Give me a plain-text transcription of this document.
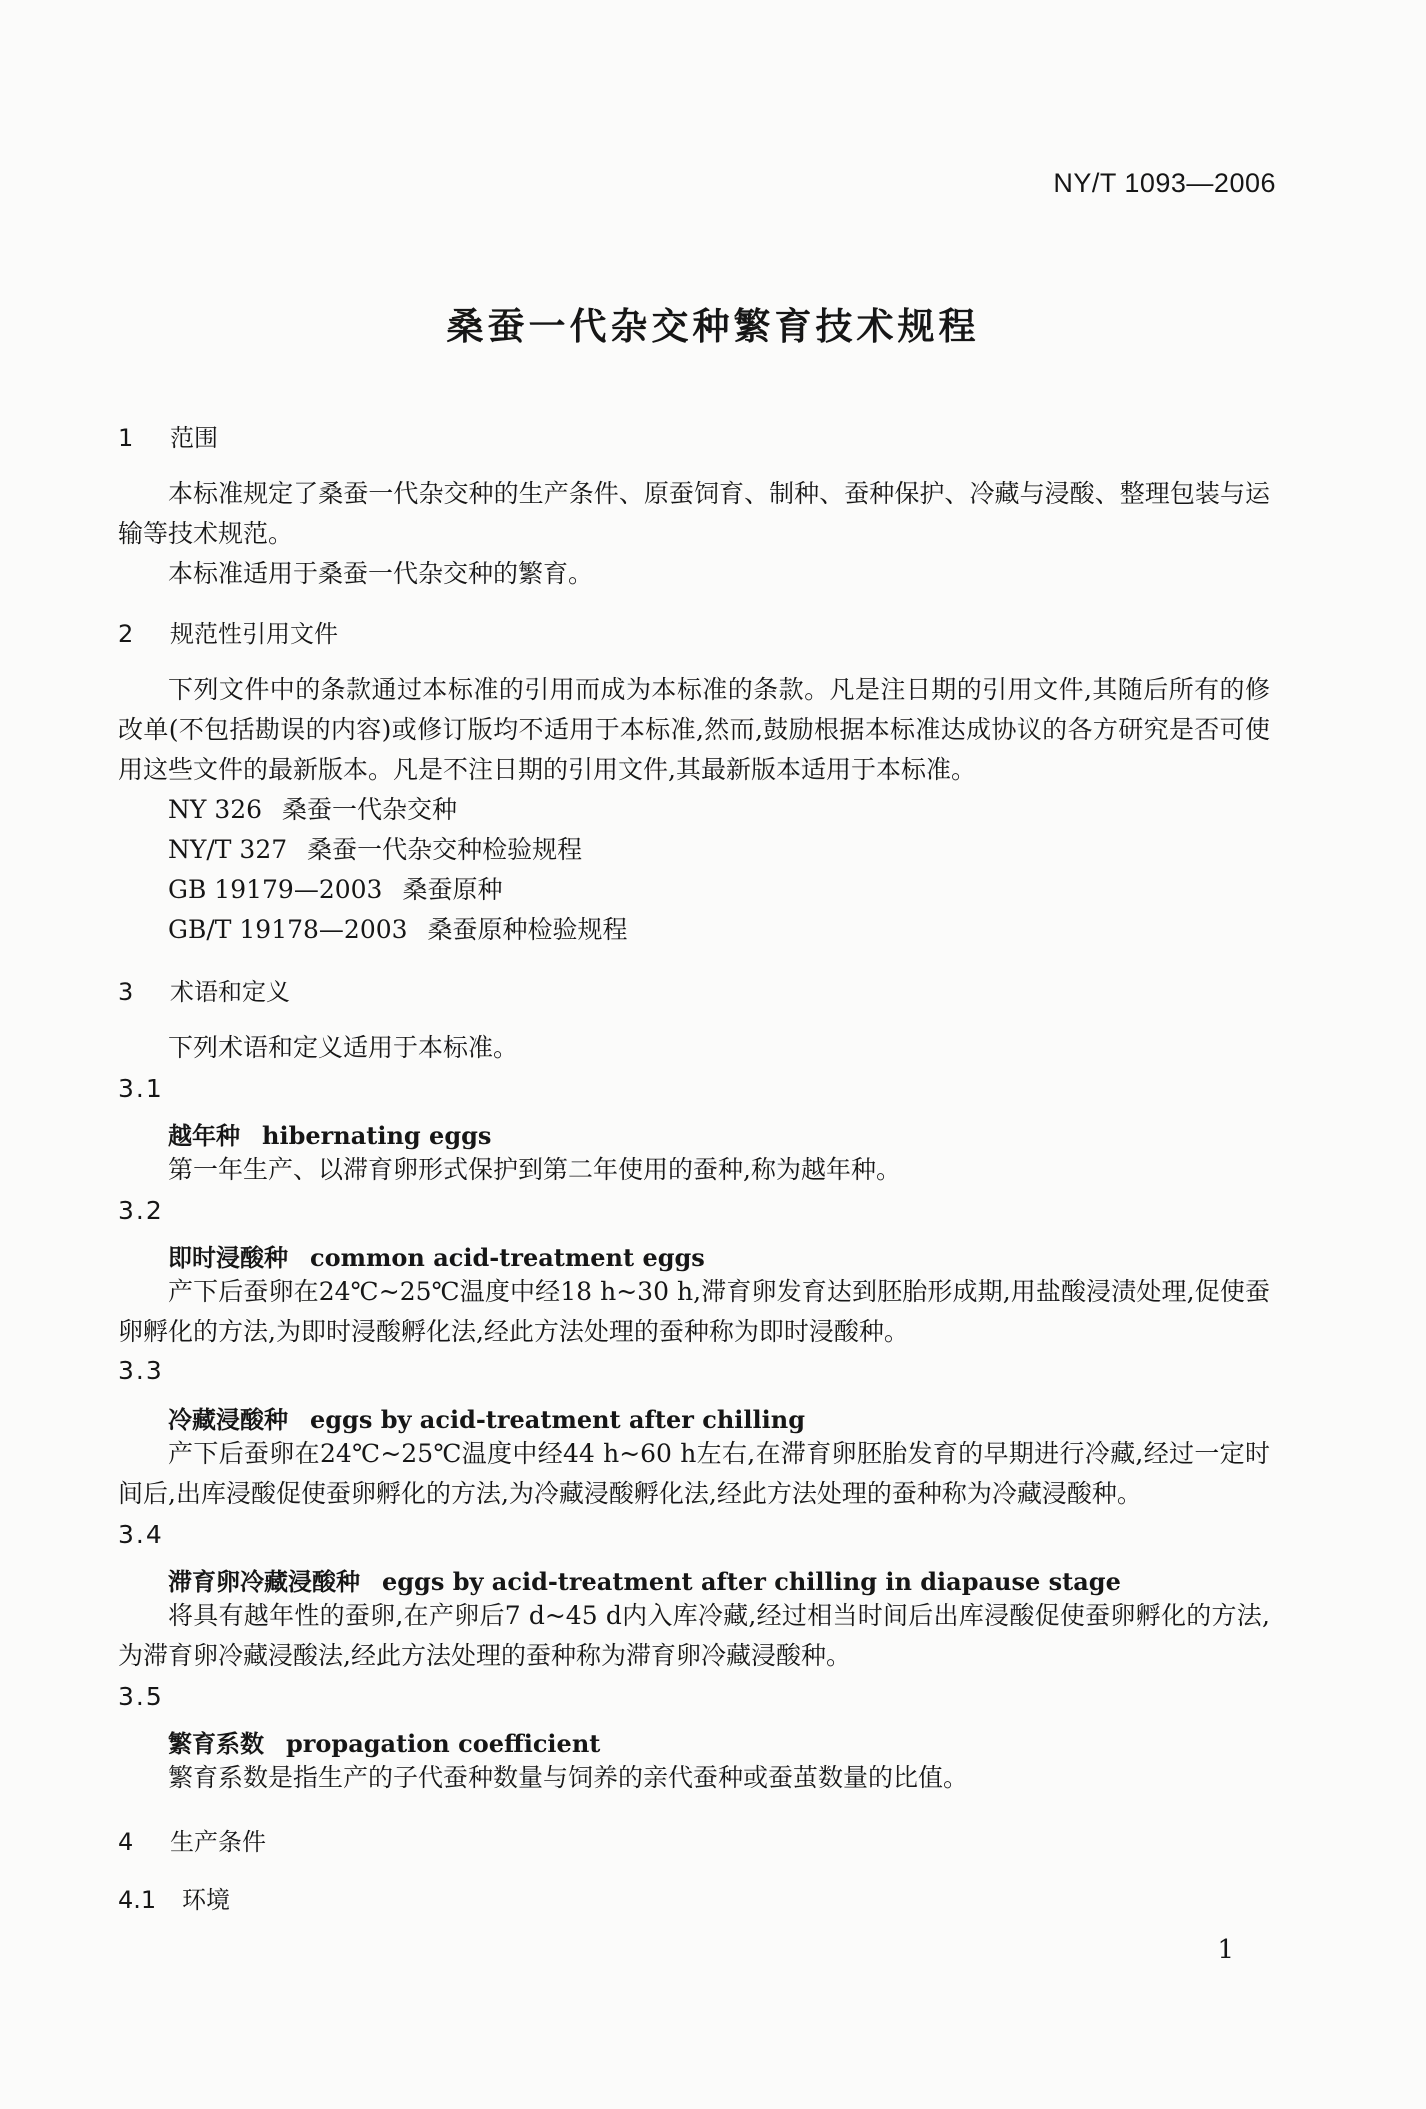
NY/T 1093—2006
桑蚕一代杂交种繁育技术规程
1 范围
本标准规定了桑蚕一代杂交种的生产条件、原蚕饲育、制种、蚕种保护、冷藏与浸酸、整理包装与运输等技术规范。
本标准适用于桑蚕一代杂交种的繁育。
2 规范性引用文件
下列文件中的条款通过本标准的引用而成为本标准的条款。凡是注日期的引用文件,其随后所有的修改单(不包括勘误的内容)或修订版均不适用于本标准,然而,鼓励根据本标准达成协议的各方研究是否可使用这些文件的最新版本。凡是不注日期的引用文件,其最新版本适用于本标准。
NY 326 桑蚕一代杂交种
NY/T 327 桑蚕一代杂交种检验规程
GB 19179—2003 桑蚕原种
GB/T 19178—2003 桑蚕原种检验规程
3 术语和定义
下列术语和定义适用于本标准。
3.1
越年种 hibernating eggs
第一年生产、以滞育卵形式保护到第二年使用的蚕种,称为越年种。
3.2
即时浸酸种 common acid-treatment eggs
产下后蚕卵在24℃~25℃温度中经18 h~30 h,滞育卵发育达到胚胎形成期,用盐酸浸渍处理,促使蚕卵孵化的方法,为即时浸酸孵化法,经此方法处理的蚕种称为即时浸酸种。
3.3
冷藏浸酸种 eggs by acid-treatment after chilling
产下后蚕卵在24℃~25℃温度中经44 h~60 h左右,在滞育卵胚胎发育的早期进行冷藏,经过一定时间后,出库浸酸促使蚕卵孵化的方法,为冷藏浸酸孵化法,经此方法处理的蚕种称为冷藏浸酸种。
3.4
滞育卵冷藏浸酸种 eggs by acid-treatment after chilling in diapause stage
将具有越年性的蚕卵,在产卵后7 d~45 d内入库冷藏,经过相当时间后出库浸酸促使蚕卵孵化的方法,为滞育卵冷藏浸酸法,经此方法处理的蚕种称为滞育卵冷藏浸酸种。
3.5
繁育系数 propagation coefficient
繁育系数是指生产的子代蚕种数量与饲养的亲代蚕种或蚕茧数量的比值。
4 生产条件
4.1 环境
1
